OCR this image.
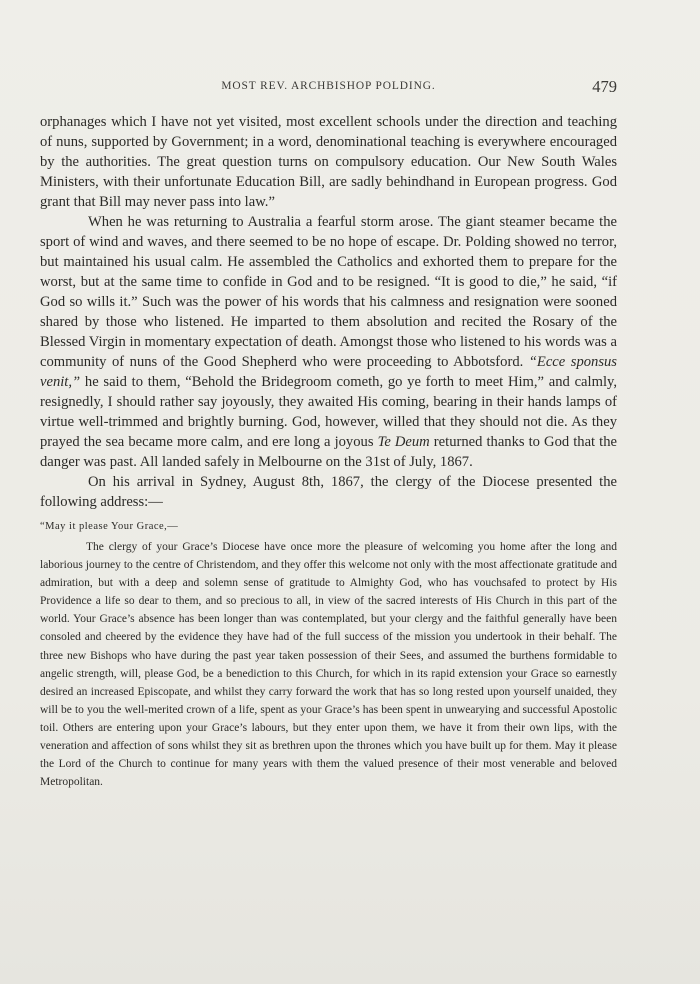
MOST REV. ARCHBISHOP POLDING.	479

orphanages which I have not yet visited, most excellent schools under the direction and teaching of nuns, supported by Government; in a word, denominational teaching is everywhere encouraged by the authorities. The great question turns on compulsory education. Our New South Wales Ministers, with their unfortunate Education Bill, are sadly behindhand in European progress. God grant that Bill may never pass into law.”

When he was returning to Australia a fearful storm arose. The giant steamer became the sport of wind and waves, and there seemed to be no hope of escape. Dr. Polding showed no terror, but maintained his usual calm. He assembled the Catholics and exhorted them to prepare for the worst, but at the same time to confide in God and to be resigned. “It is good to die,” he said, “if God so wills it.” Such was the power of his words that his calmness and resignation were sooned shared by those who listened. He imparted to them absolution and recited the Rosary of the Blessed Virgin in momentary expectation of death. Amongst those who listened to his words was a community of nuns of the Good Shepherd who were proceeding to Abbotsford. “Ecce sponsus venit,” he said to them, “Behold the Bridegroom cometh, go ye forth to meet Him,” and calmly, resignedly, I should rather say joyously, they awaited His coming, bearing in their hands lamps of virtue well-trimmed and brightly burning. God, however, willed that they should not die. As they prayed the sea became more calm, and ere long a joyous Te Deum returned thanks to God that the danger was past. All landed safely in Melbourne on the 31st of July, 1867.

On his arrival in Sydney, August 8th, 1867, the clergy of the Diocese presented the following address:—

“May it please Your Grace,—

The clergy of your Grace’s Diocese have once more the pleasure of welcoming you home after the long and laborious journey to the centre of Christendom, and they offer this welcome not only with the most affectionate gratitude and admiration, but with a deep and solemn sense of gratitude to Almighty God, who has vouchsafed to protect by His Providence a life so dear to them, and so precious to all, in view of the sacred interests of His Church in this part of the world. Your Grace’s absence has been longer than was contemplated, but your clergy and the faithful generally have been consoled and cheered by the evidence they have had of the full success of the mission you undertook in their behalf. The three new Bishops who have during the past year taken possession of their Sees, and assumed the burthens formidable to angelic strength, will, please God, be a benediction to this Church, for which in its rapid extension your Grace so earnestly desired an increased Episcopate, and whilst they carry forward the work that has so long rested upon yourself unaided, they will be to you the well-merited crown of a life, spent as your Grace’s has been spent in unwearying and successful Apostolic toil. Others are entering upon your Grace’s labours, but they enter upon them, we have it from their own lips, with the veneration and affection of sons whilst they sit as brethren upon the thrones which you have built up for them. May it please the Lord of the Church to continue for many years with them the valued presence of their most venerable and beloved Metropolitan.
